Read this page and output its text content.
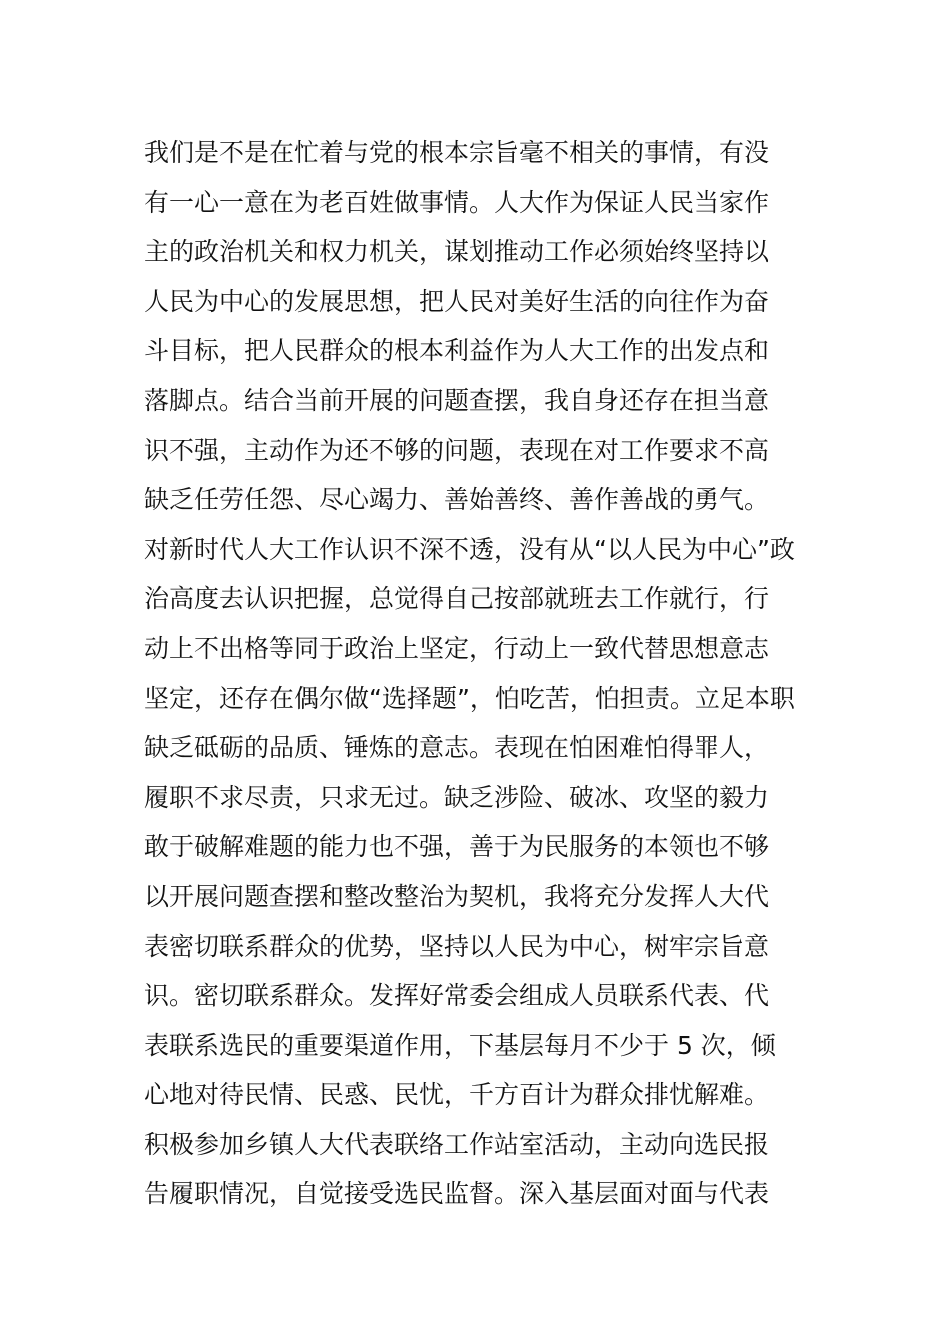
我们是不是在忙着与党的根本宗旨毫不相关的事情，有没
有一心一意在为老百姓做事情。人大作为保证人民当家作
主的政治机关和权力机关，谋划推动工作必须始终坚持以
人民为中心的发展思想，把人民对美好生活的向往作为奋
斗目标，把人民群众的根本利益作为人大工作的出发点和
落脚点。结合当前开展的问题查摆，我自身还存在担当意
识不强，主动作为还不够的问题，表现在对工作要求不高
缺乏任劳任怨、尽心竭力、善始善终、善作善战的勇气。
对新时代人大工作认识不深不透，没有从“以人民为中心”政
治高度去认识把握，总觉得自己按部就班去工作就行，行
动上不出格等同于政治上坚定，行动上一致代替思想意志
坚定，还存在偶尔做“选择题”，怕吃苦，怕担责。立足本职
缺乏砥砺的品质、锤炼的意志。表现在怕困难怕得罪人，
履职不求尽责，只求无过。缺乏涉险、破冰、攻坚的毅力
敢于破解难题的能力也不强，善于为民服务的本领也不够
以开展问题查摆和整改整治为契机，我将充分发挥人大代
表密切联系群众的优势，坚持以人民为中心，树牢宗旨意
识。密切联系群众。发挥好常委会组成人员联系代表、代
表联系选民的重要渠道作用，下基层每月不少于 5 次，倾
心地对待民情、民惑、民忧，千方百计为群众排忧解难。
积极参加乡镇人大代表联络工作站室活动，主动向选民报
告履职情况，自觉接受选民监督。深入基层面对面与代表
